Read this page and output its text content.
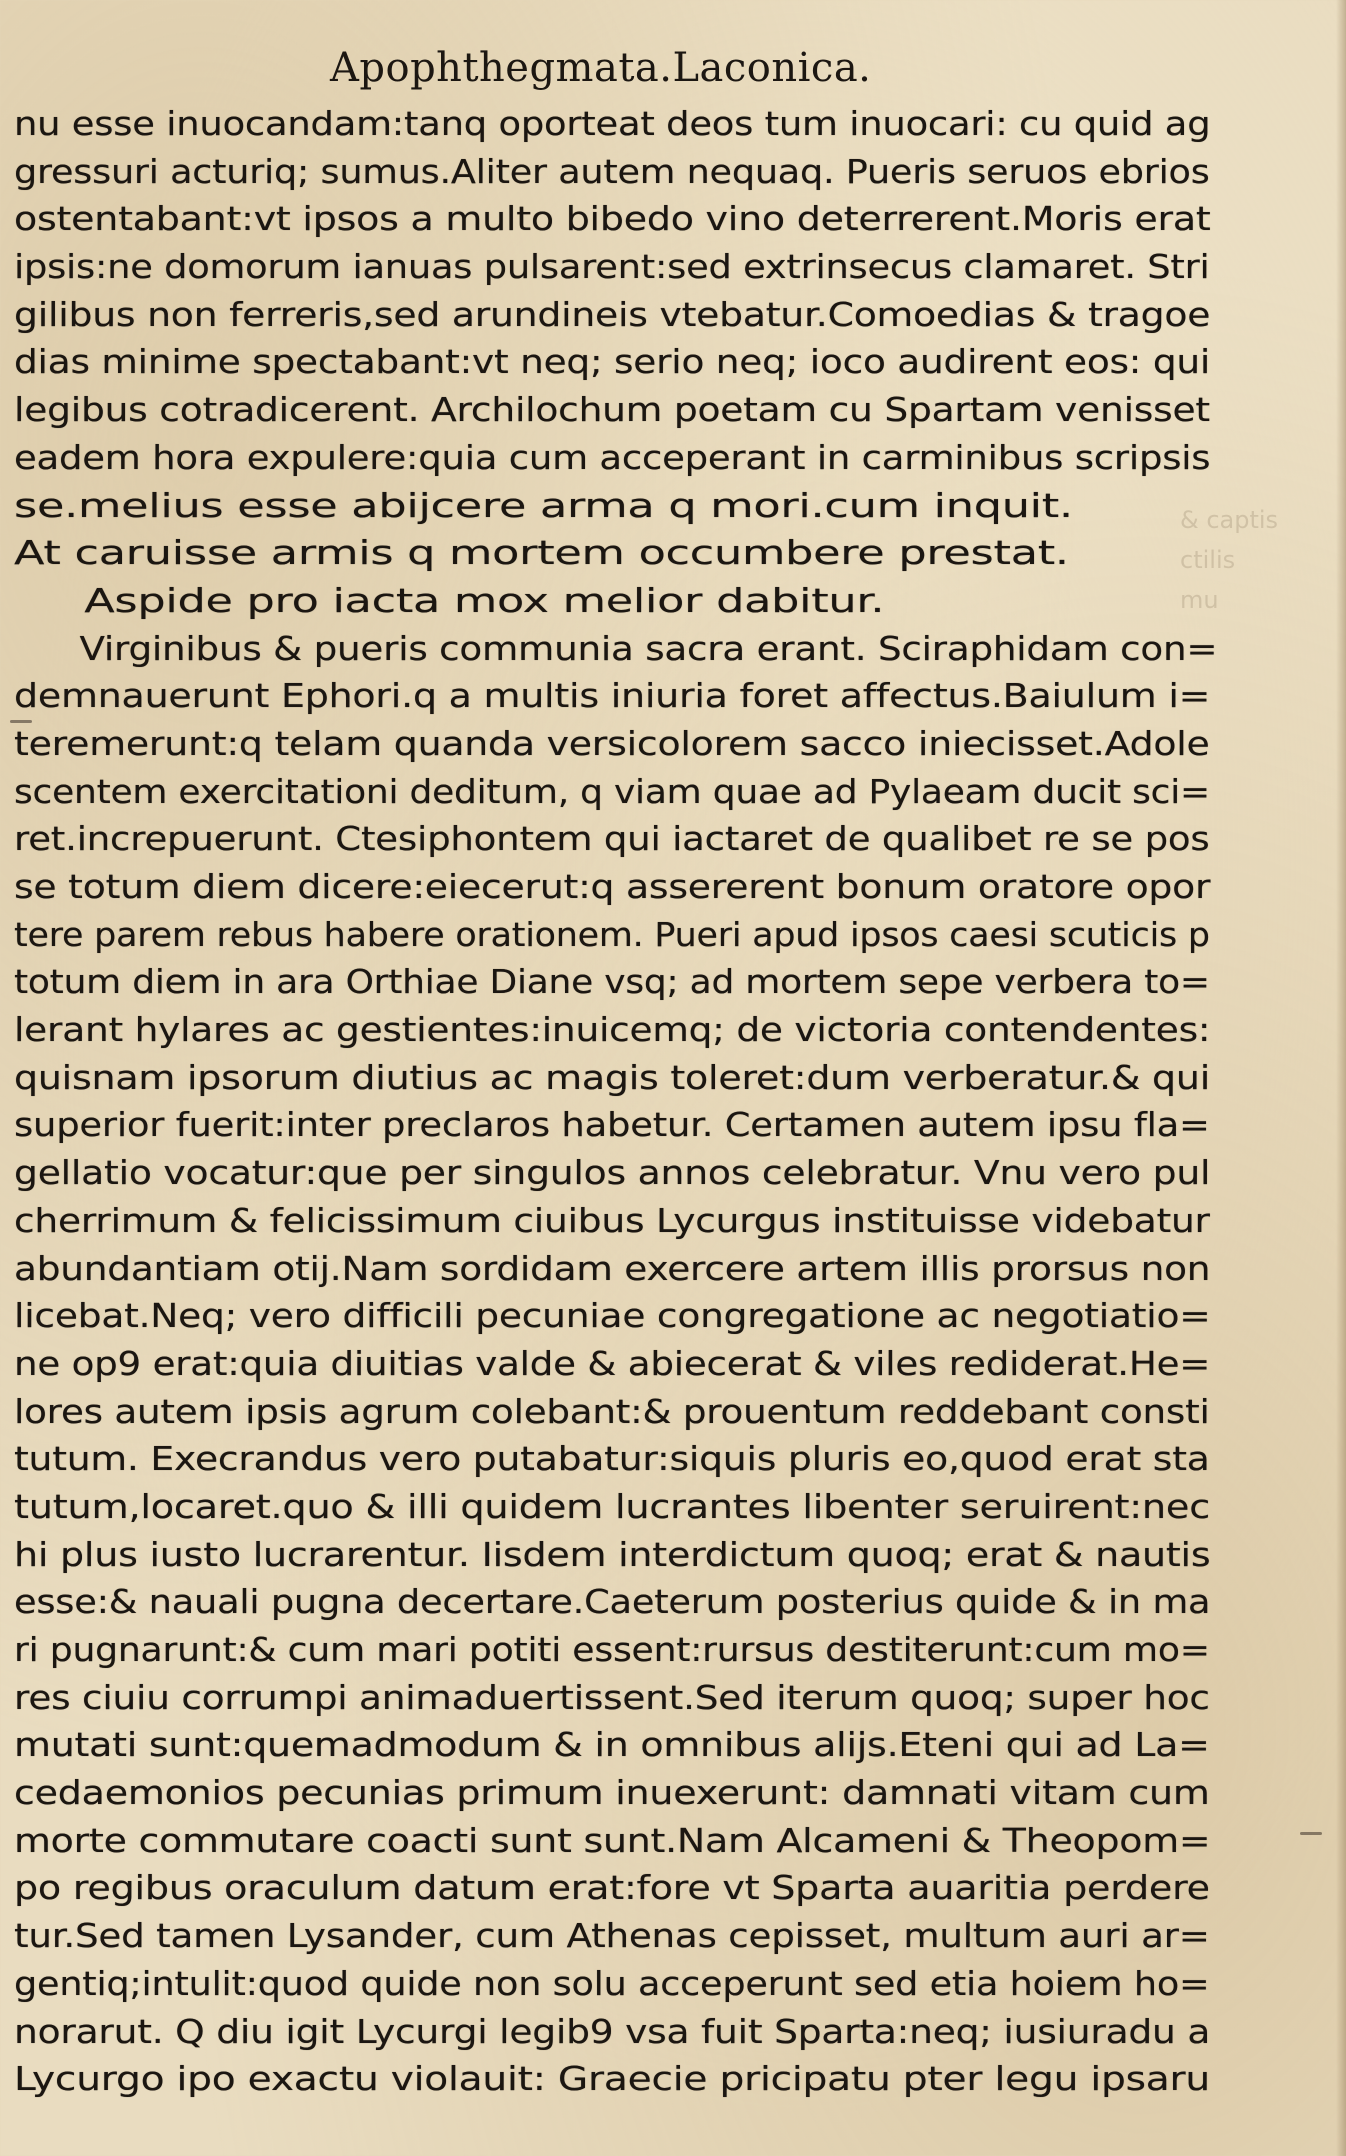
& captis
ctilis
mu
Apophthegmata.Laconica.
nu esse inuocandam:tanq oporteat deos tum inuocari: cu quid ag
gressuri acturiq; sumus.Aliter autem nequaq. Pueris seruos ebrios
ostentabant:vt ipsos a multo bibedo vino deterrerent.Moris erat
ipsis:ne domorum ianuas pulsarent:sed extrinsecus clamaret. Stri
gilibus non ferreris,sed arundineis vtebatur.Comoedias & tragoe
dias minime spectabant:vt neq; serio neq; ioco audirent eos: qui
legibus cotradicerent. Archilochum poetam cu Spartam venisset
eadem hora expulere:quia cum acceperant in carminibus scripsis
se.melius esse abijcere arma q mori.cum inquit.
At caruisse armis q mortem occumbere prestat.
Aspide pro iacta mox melior dabitur.
Virginibus & pueris communia sacra erant. Sciraphidam con=
demnauerunt Ephori.q a multis iniuria foret affectus.Baiulum i=
teremerunt:q telam quanda versicolorem sacco iniecisset.Adole
scentem exercitationi deditum, q viam quae ad Pylaeam ducit sci=
ret.increpuerunt. Ctesiphontem qui iactaret de qualibet re se pos
se totum diem dicere:eiecerut:q assererent bonum oratore opor
tere parem rebus habere orationem. Pueri apud ipsos caesi scuticis p
totum diem in ara Orthiae Diane vsq; ad mortem sepe verbera to=
lerant hylares ac gestientes:inuicemq; de victoria contendentes:
quisnam ipsorum diutius ac magis toleret:dum verberatur.& qui
superior fuerit:inter preclaros habetur. Certamen autem ipsu fla=
gellatio vocatur:que per singulos annos celebratur. Vnu vero pul
cherrimum & felicissimum ciuibus Lycurgus instituisse videbatur
abundantiam otij.Nam sordidam exercere artem illis prorsus non
licebat.Neq; vero difficili pecuniae congregatione ac negotiatio=
ne op9 erat:quia diuitias valde & abiecerat & viles rediderat.He=
lores autem ipsis agrum colebant:& prouentum reddebant consti
tutum. Execrandus vero putabatur:siquis pluris eo,quod erat sta
tutum,locaret.quo & illi quidem lucrantes libenter seruirent:nec
hi plus iusto lucrarentur. Iisdem interdictum quoq; erat & nautis
esse:& nauali pugna decertare.Caeterum posterius quide & in ma
ri pugnarunt:& cum mari potiti essent:rursus destiterunt:cum mo=
res ciuiu corrumpi animaduertissent.Sed iterum quoq; super hoc
mutati sunt:quemadmodum & in omnibus alijs.Eteni qui ad La=
cedaemonios pecunias primum inuexerunt: damnati vitam cum
morte commutare coacti sunt sunt.Nam Alcameni & Theopom=
po regibus oraculum datum erat:fore vt Sparta auaritia perdere
tur.Sed tamen Lysander, cum Athenas cepisset, multum auri ar=
gentiq;intulit:quod quide non solu acceperunt sed etia hoiem ho=
norarut. Q diu igit Lycurgi legib9 vsa fuit Sparta:neq; iusiuradu a
Lycurgo ipo exactu violauit: Graecie pricipatu pter legu ipsaru
